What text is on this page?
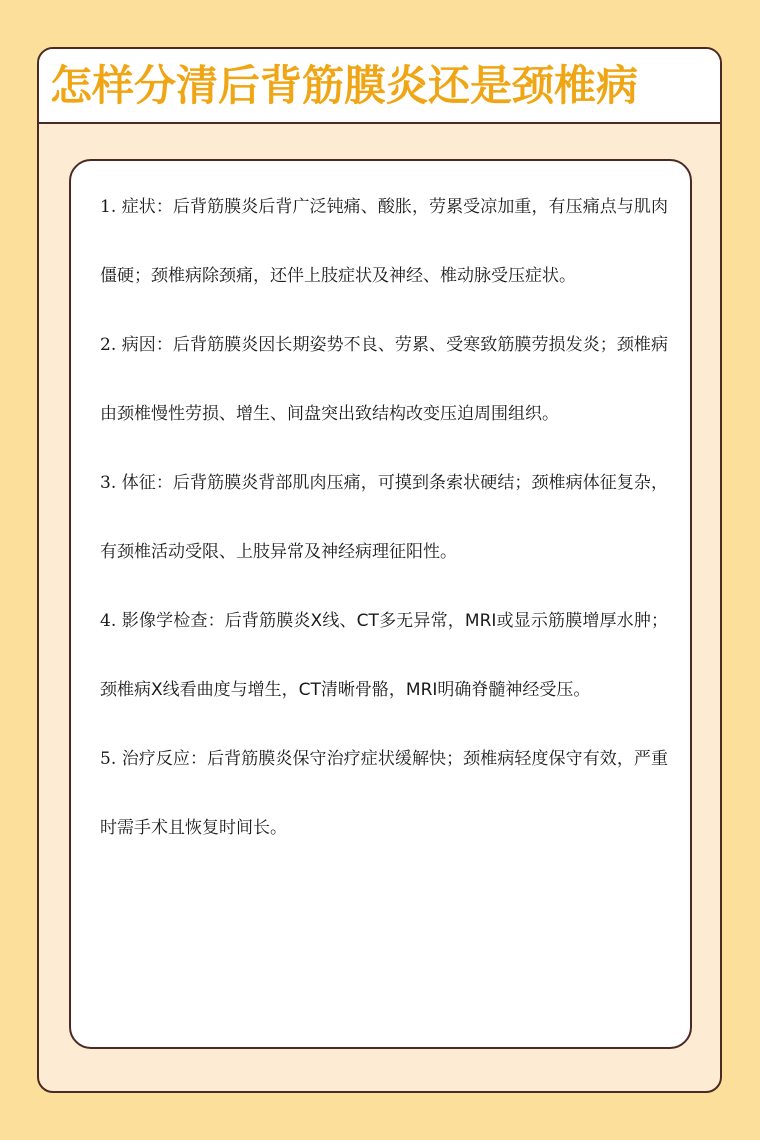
怎样分清后背筋膜炎还是颈椎病
1. 症状：后背筋膜炎后背广泛钝痛、酸胀，劳累受凉加重，有压痛点与肌肉僵硬；颈椎病除颈痛，还伴上肢症状及神经、椎动脉受压症状。
2. 病因：后背筋膜炎因长期姿势不良、劳累、受寒致筋膜劳损发炎；颈椎病由颈椎慢性劳损、增生、间盘突出致结构改变压迫周围组织。
3. 体征：后背筋膜炎背部肌肉压痛，可摸到条索状硬结；颈椎病体征复杂，有颈椎活动受限、上肢异常及神经病理征阳性。
4. 影像学检查：后背筋膜炎X线、CT多无异常，MRI或显示筋膜增厚水肿；颈椎病X线看曲度与增生，CT清晰骨骼，MRI明确脊髓神经受压。
5. 治疗反应：后背筋膜炎保守治疗症状缓解快；颈椎病轻度保守有效，严重时需手术且恢复时间长。
